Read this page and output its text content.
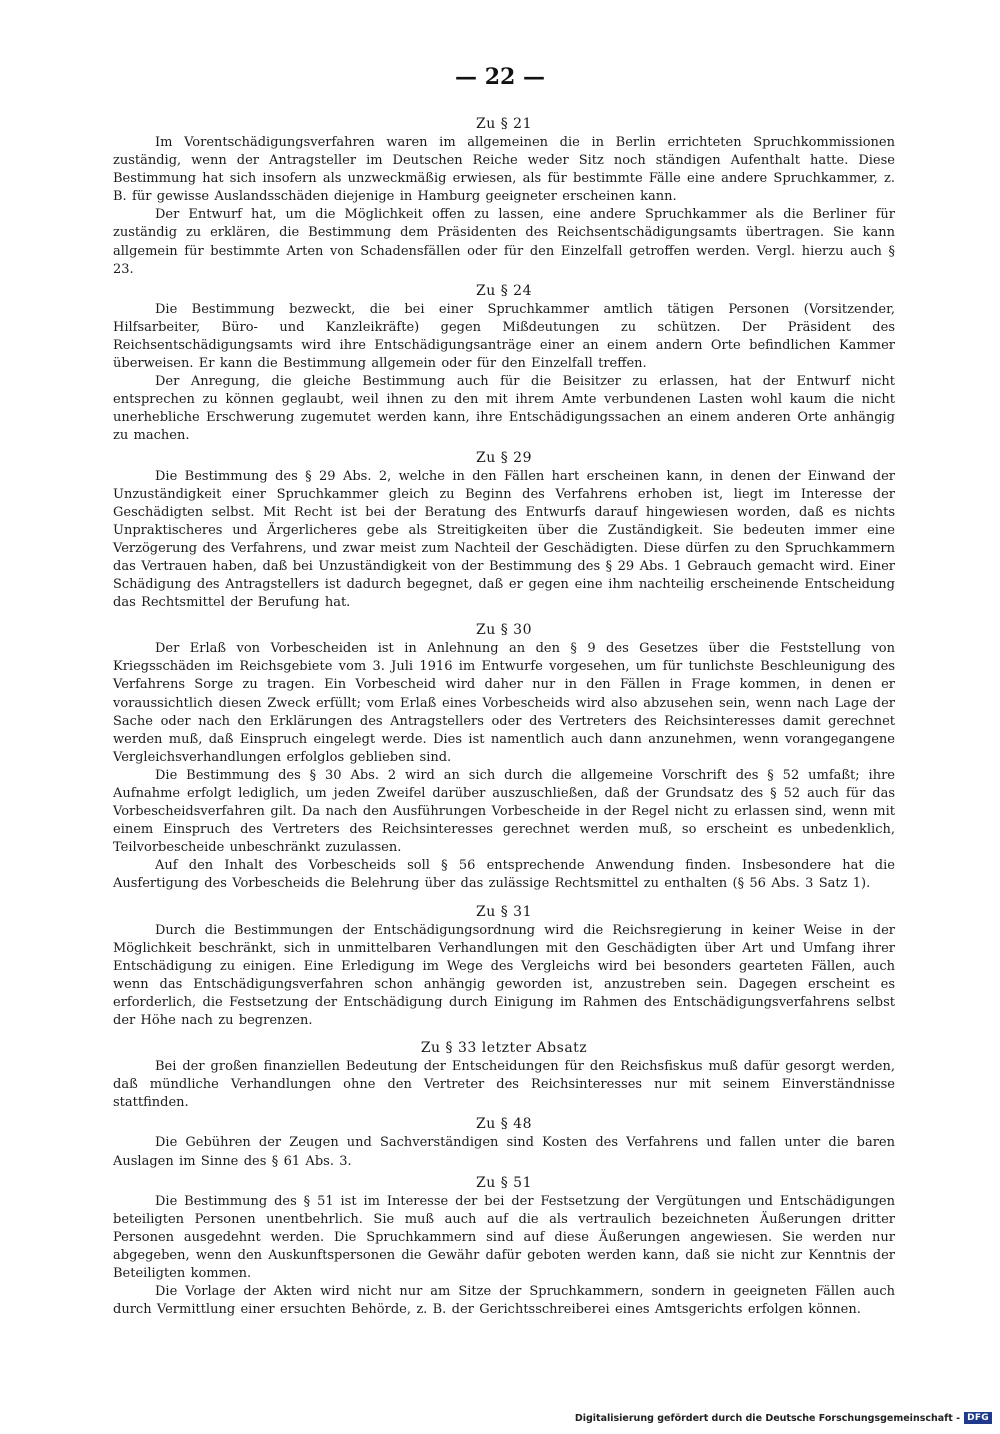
— 22 —
Zu § 21

Im Vorentschädigungsverfahren waren im allgemeinen die in Berlin errichteten Spruchkommissionen zuständig, wenn der Antragsteller im Deutschen Reiche weder Sitz noch ständigen Aufenthalt hatte. Diese Bestimmung hat sich insofern als unzweckmäßig erwiesen, als für bestimmte Fälle eine andere Spruchkammer, z. B. für gewisse Auslandsschäden diejenige in Hamburg geeigneter erscheinen kann.

Der Entwurf hat, um die Möglichkeit offen zu lassen, eine andere Spruchkammer als die Berliner für zuständig zu erklären, die Bestimmung dem Präsidenten des Reichsentschädigungsamts übertragen. Sie kann allgemein für bestimmte Arten von Schadensfällen oder für den Einzelfall getroffen werden. Vergl. hierzu auch § 23.

Zu § 24

Die Bestimmung bezweckt, die bei einer Spruchkammer amtlich tätigen Personen (Vorsitzender, Hilfsarbeiter, Büro- und Kanzleikräfte) gegen Mißdeutungen zu schützen. Der Präsident des Reichsentschädigungsamts wird ihre Entschädigungsanträge einer an einem andern Orte befindlichen Kammer überweisen. Er kann die Bestimmung allgemein oder für den Einzelfall treffen.

Der Anregung, die gleiche Bestimmung auch für die Beisitzer zu erlassen, hat der Entwurf nicht entsprechen zu können geglaubt, weil ihnen zu den mit ihrem Amte verbundenen Lasten wohl kaum die nicht unerhebliche Erschwerung zugemutet werden kann, ihre Entschädigungssachen an einem anderen Orte anhängig zu machen.

Zu § 29

Die Bestimmung des § 29 Abs. 2, welche in den Fällen hart erscheinen kann, in denen der Einwand der Unzuständigkeit einer Spruchkammer gleich zu Beginn des Verfahrens erhoben ist, liegt im Interesse der Geschädigten selbst. Mit Recht ist bei der Beratung des Entwurfs darauf hingewiesen worden, daß es nichts Unpraktischeres und Ärgerlicheres gebe als Streitigkeiten über die Zuständigkeit. Sie bedeuten immer eine Verzögerung des Verfahrens, und zwar meist zum Nachteil der Geschädigten. Diese dürfen zu den Spruchkammern das Vertrauen haben, daß bei Unzuständigkeit von der Bestimmung des § 29 Abs. 1 Gebrauch gemacht wird. Einer Schädigung des Antragstellers ist dadurch begegnet, daß er gegen eine ihm nachteilig erscheinende Entscheidung das Rechtsmittel der Berufung hat.

Zu § 30

Der Erlaß von Vorbescheiden ist in Anlehnung an den § 9 des Gesetzes über die Feststellung von Kriegsschäden im Reichsgebiete vom 3. Juli 1916 im Entwurfe vorgesehen, um für tunlichste Beschleunigung des Verfahrens Sorge zu tragen. Ein Vorbescheid wird daher nur in den Fällen in Frage kommen, in denen er voraussichtlich diesen Zweck erfüllt; vom Erlaß eines Vorbescheids wird also abzusehen sein, wenn nach Lage der Sache oder nach den Erklärungen des Antragstellers oder des Vertreters des Reichsinteresses damit gerechnet werden muß, daß Einspruch eingelegt werde. Dies ist namentlich auch dann anzunehmen, wenn vorangegangene Vergleichsverhandlungen erfolglos geblieben sind.

Die Bestimmung des § 30 Abs. 2 wird an sich durch die allgemeine Vorschrift des § 52 umfaßt; ihre Aufnahme erfolgt lediglich, um jeden Zweifel darüber auszuschließen, daß der Grundsatz des § 52 auch für das Vorbescheidsverfahren gilt. Da nach den Ausführungen Vorbescheide in der Regel nicht zu erlassen sind, wenn mit einem Einspruch des Vertreters des Reichsinteresses gerechnet werden muß, so erscheint es unbedenklich, Teilvorbescheide unbeschränkt zuzulassen.

Auf den Inhalt des Vorbescheids soll § 56 entsprechende Anwendung finden. Insbesondere hat die Ausfertigung des Vorbescheids die Belehrung über das zulässige Rechtsmittel zu enthalten (§ 56 Abs. 3 Satz 1).

Zu § 31

Durch die Bestimmungen der Entschädigungsordnung wird die Reichsregierung in keiner Weise in der Möglichkeit beschränkt, sich in unmittelbaren Verhandlungen mit den Geschädigten über Art und Umfang ihrer Entschädigung zu einigen. Eine Erledigung im Wege des Vergleichs wird bei besonders gearteten Fällen, auch wenn das Entschädigungsverfahren schon anhängig geworden ist, anzustreben sein. Dagegen erscheint es erforderlich, die Festsetzung der Entschädigung durch Einigung im Rahmen des Entschädigungsverfahrens selbst der Höhe nach zu begrenzen.

Zu § 33 letzter Absatz

Bei der großen finanziellen Bedeutung der Entscheidungen für den Reichsfiskus muß dafür gesorgt werden, daß mündliche Verhandlungen ohne den Vertreter des Reichsinteresses nur mit seinem Einverständnisse stattfinden.

Zu § 48

Die Gebühren der Zeugen und Sachverständigen sind Kosten des Verfahrens und fallen unter die baren Auslagen im Sinne des § 61 Abs. 3.

Zu § 51

Die Bestimmung des § 51 ist im Interesse der bei der Festsetzung der Vergütungen und Entschädigungen beteiligten Personen unentbehrlich. Sie muß auch auf die als vertraulich bezeichneten Äußerungen dritter Personen ausgedehnt werden. Die Spruchkammern sind auf diese Äußerungen angewiesen. Sie werden nur abgegeben, wenn den Auskunftspersonen die Gewähr dafür geboten werden kann, daß sie nicht zur Kenntnis der Beteiligten kommen.

Die Vorlage der Akten wird nicht nur am Sitze der Spruchkammern, sondern in geeigneten Fällen auch durch Vermittlung einer ersuchten Behörde, z. B. der Gerichtsschreiberei eines Amtsgerichts erfolgen können.

Digitalisierung gefördert durch die Deutsche Forschungsgemeinschaft - DFG
